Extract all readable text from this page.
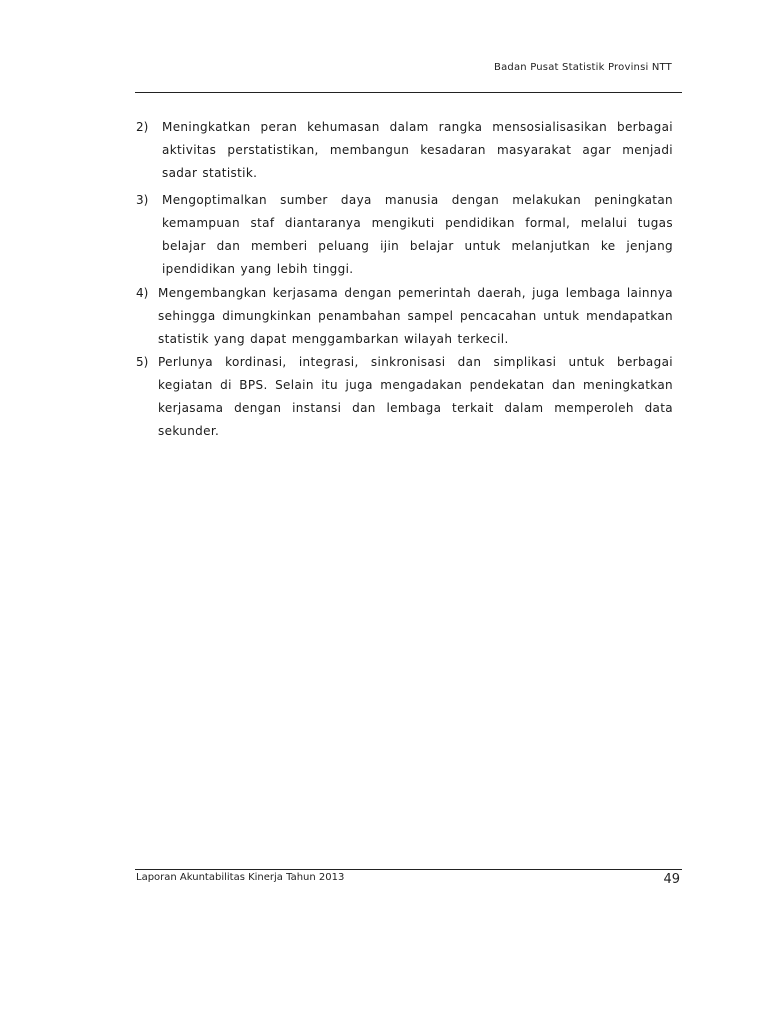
Badan Pusat Statistik Provinsi NTT
2) Meningkatkan peran kehumasan dalam rangka mensosialisasikan berbagai
aktivitas perstatistikan, membangun kesadaran masyarakat agar menjadi
sadar statistik.
3) Mengoptimalkan sumber daya manusia dengan melakukan peningkatan
kemampuan staf diantaranya mengikuti pendidikan formal, melalui tugas
belajar dan memberi peluang ijin belajar untuk melanjutkan ke jenjang
ipendidikan yang lebih tinggi.
4) Mengembangkan kerjasama dengan pemerintah daerah, juga lembaga lainnya
sehingga dimungkinkan penambahan sampel pencacahan untuk mendapatkan
statistik yang dapat menggambarkan wilayah terkecil.
5) Perlunya kordinasi, integrasi, sinkronisasi dan simplikasi untuk berbagai
kegiatan di BPS. Selain itu juga mengadakan pendekatan dan meningkatkan
kerjasama dengan instansi dan lembaga terkait dalam memperoleh data
sekunder.
Laporan Akuntabilitas Kinerja Tahun 2013	49
